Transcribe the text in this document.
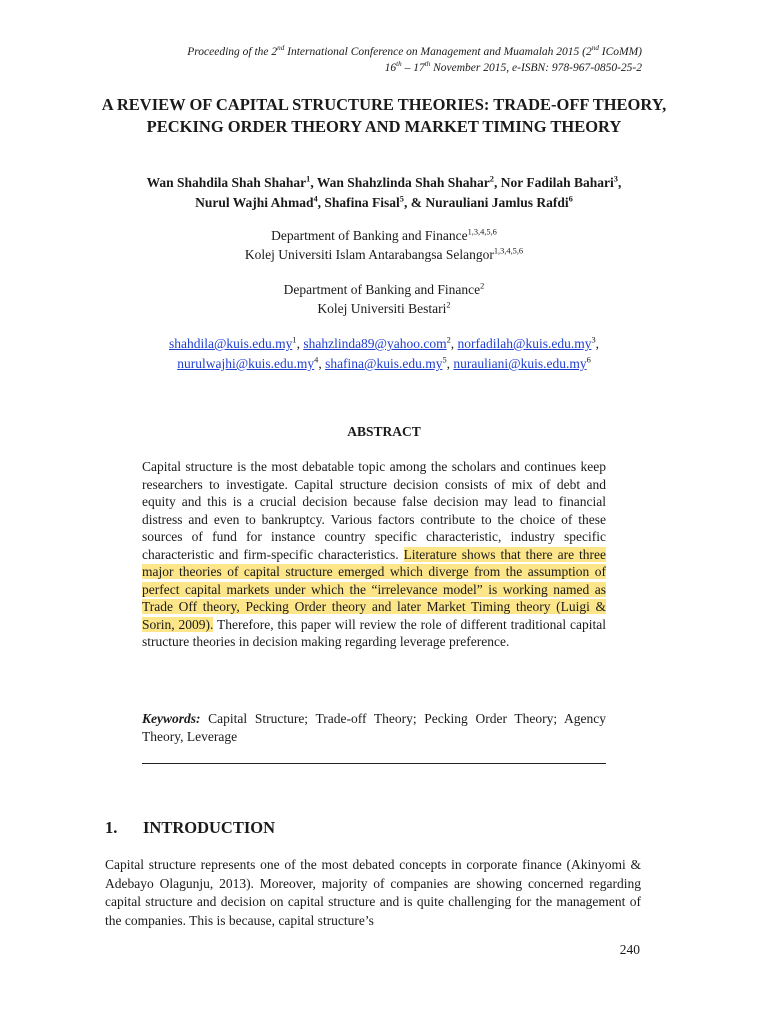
Proceeding of the 2nd International Conference on Management and Muamalah 2015 (2nd ICoMM)
16th – 17th November 2015, e-ISBN: 978-967-0850-25-2
A REVIEW OF CAPITAL STRUCTURE THEORIES: TRADE-OFF THEORY, PECKING ORDER THEORY AND MARKET TIMING THEORY
Wan Shahdila Shah Shahar$^1$, Wan Shahzlinda Shah Shahar$^2$, Nor Fadilah Bahari$^3$,
Nurul Wajhi Ahmad$^4$, Shafina Fisal$^5$, & Nurauliani Jamlus Rafdi$^6$
Department of Banking and Finance$^{1,3,4,5,6}$
Kolej Universiti Islam Antarabangsa Selangor$^{1,3,4,5,6}$
Department of Banking and Finance$^2$
Kolej Universiti Bestari$^2$
$shahdila@kuis.edu.my^1$, shahzlinda89@yahoo.com$^2$, $norfadilah@kuis.edu.my^3$,
$nurulwajhi@kuis.edu.my^4$, $shafina@kuis.edu.my^5$, $nurauliani@kuis.edu.my^6$
ABSTRACT
Capital structure is the most debatable topic among the scholars and continues keep researchers to investigate. Capital structure decision consists of mix of debt and equity and this is a crucial decision because false decision may lead to financial distress and even to bankruptcy. Various factors contribute to the choice of these sources of fund for instance country specific characteristic, industry specific characteristic and firm-specific characteristics. Literature shows that there are three major theories of capital structure emerged which diverge from the assumption of perfect capital markets under which the “irrelevance model” is working named as Trade Off theory, Pecking Order theory and later Market Timing theory (Luigi & Sorin, 2009). Therefore, this paper will review the role of different traditional capital structure theories in decision making regarding leverage preference.
Keywords: Capital Structure; Trade-off Theory; Pecking Order Theory; Agency Theory, Leverage
1. INTRODUCTION
Capital structure represents one of the most debated concepts in corporate finance (Akinyomi & Adebayo Olagunju, 2013). Moreover, majority of companies are showing concerned regarding capital structure and decision on capital structure and is quite challenging for the management of the companies. This is because, capital structure’s
240
